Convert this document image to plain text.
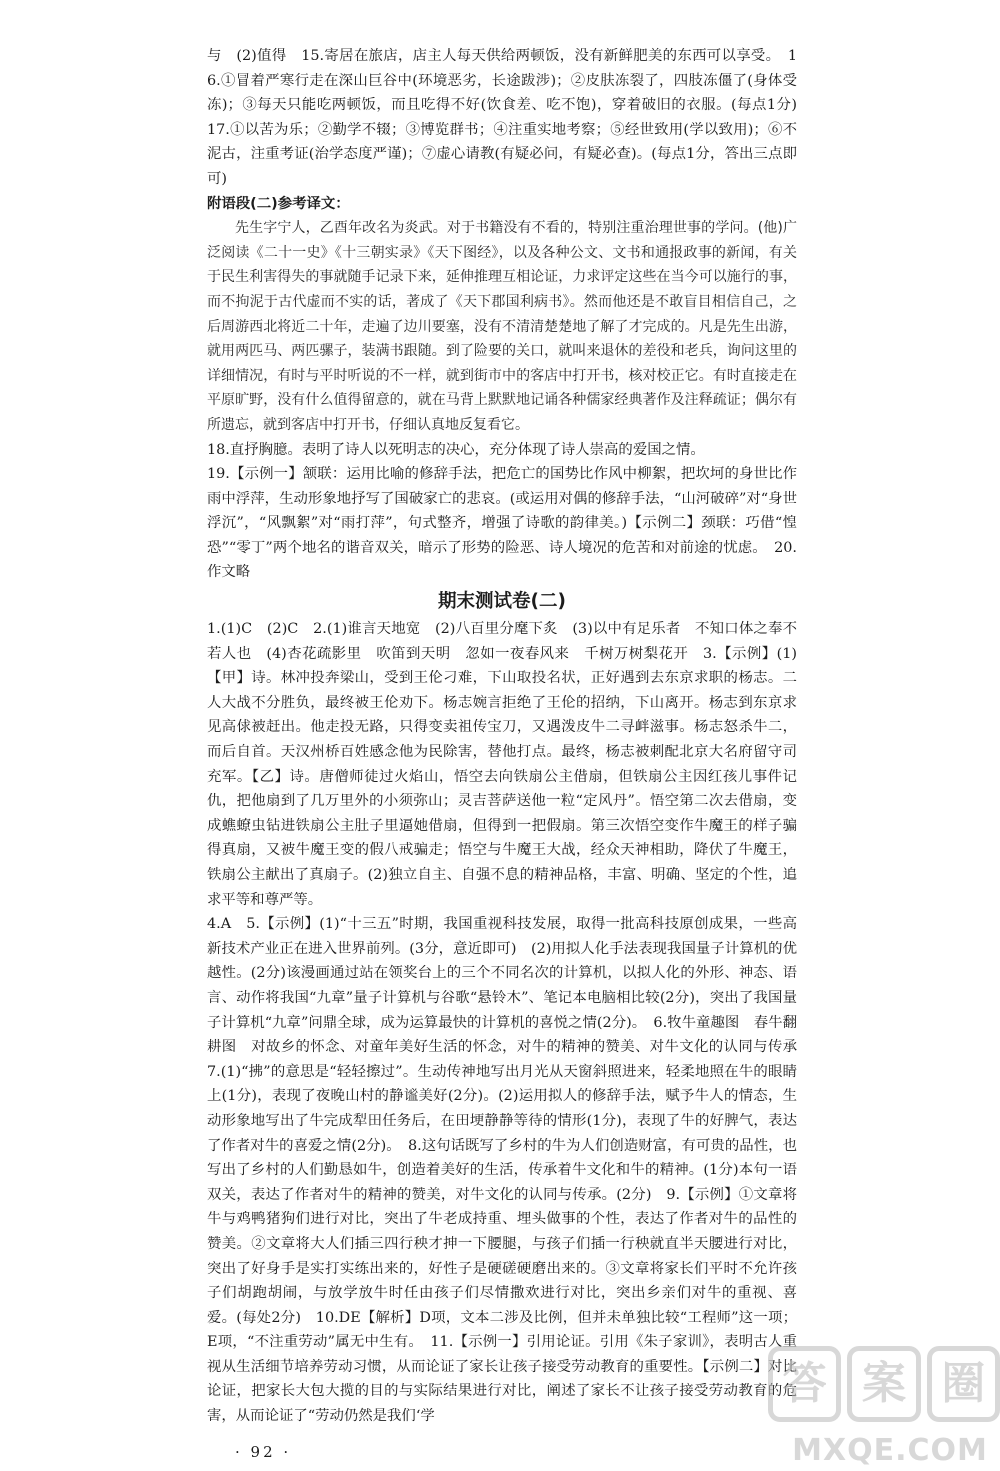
与　(2)值得　15.寄居在旅店，店主人每天供给两顿饭，没有新鲜肥美的东西可以享受。　16.①冒着严寒行走在深山巨谷中(环境恶劣，长途跋涉)；②皮肤冻裂了，四肢冻僵了(身体受冻)；③每天只能吃两顿饭，而且吃得不好(饮食差、吃不饱)，穿着破旧的衣服。(每点1分)　17.①以苦为乐；②勤学不辍；③博览群书；④注重实地考察；⑤经世致用(学以致用)；⑥不泥古，注重考证(治学态度严谨)；⑦虚心请教(有疑必问，有疑必查)。(每点1分，答出三点即可)

附语段(二)参考译文：

先生字宁人，乙酉年改名为炎武。对于书籍没有不看的，特别注重治理世事的学问。(他)广泛阅读《二十一史》《十三朝实录》《天下图经》，以及各种公文、文书和通报政事的新闻，有关于民生利害得失的事就随手记录下来，延伸推理互相论证，力求评定这些在当今可以施行的事，而不拘泥于古代虚而不实的话，著成了《天下郡国利病书》。然而他还是不敢盲目相信自己，之后周游西北将近二十年，走遍了边川要塞，没有不清清楚楚地了解了才完成的。凡是先生出游，就用两匹马、两匹骡子，装满书跟随。到了险要的关口，就叫来退休的差役和老兵，询问这里的详细情况，有时与平时听说的不一样，就到街市中的客店中打开书，核对校正它。有时直接走在平原旷野，没有什么值得留意的，就在马背上默默地记诵各种儒家经典著作及注释疏证；偶尔有所遗忘，就到客店中打开书，仔细认真地反复看它。

18.直抒胸臆。表明了诗人以死明志的决心，充分体现了诗人崇高的爱国之情。

19.【示例一】颔联：运用比喻的修辞手法，把危亡的国势比作风中柳絮，把坎坷的身世比作雨中浮萍，生动形象地抒写了国破家亡的悲哀。(或运用对偶的修辞手法，“山河破碎”对“身世浮沉”，“风飘絮”对“雨打萍”，句式整齐，增强了诗歌的韵律美。)【示例二】颈联：巧借“惶恐”“零丁”两个地名的谐音双关，暗示了形势的险恶、诗人境况的危苦和对前途的忧虑。　20.作文略

期末测试卷(二)

1.(1)C　(2)C　2.(1)谁言天地宽　(2)八百里分麾下炙　(3)以中有足乐者　不知口体之奉不若人也　(4)杏花疏影里　吹笛到天明　忽如一夜春风来　千树万树梨花开　3.【示例】(1)【甲】诗。林冲投奔梁山，受到王伦刁难，下山取投名状，正好遇到去东京求职的杨志。二人大战不分胜负，最终被王伦劝下。杨志婉言拒绝了王伦的招纳，下山离开。杨志到东京求见高俅被赶出。他走投无路，只得变卖祖传宝刀，又遇泼皮牛二寻衅滋事。杨志怒杀牛二，而后自首。天汉州桥百姓感念他为民除害，替他打点。最终，杨志被刺配北京大名府留守司充军。【乙】诗。唐僧师徒过火焰山，悟空去向铁扇公主借扇，但铁扇公主因红孩儿事件记仇，把他扇到了几万里外的小须弥山；灵吉菩萨送他一粒“定风丹”。悟空第二次去借扇，变成蟭蟟虫钻进铁扇公主肚子里逼她借扇，但得到一把假扇。第三次悟空变作牛魔王的样子骗得真扇，又被牛魔王变的假八戒骗走；悟空与牛魔王大战，经众天神相助，降伏了牛魔王，铁扇公主献出了真扇子。(2)独立自主、自强不息的精神品格，丰富、明确、坚定的个性，追求平等和尊严等。

4.A　5.【示例】(1)“十三五”时期，我国重视科技发展，取得一批高科技原创成果，一些高新技术产业正在进入世界前列。(3分，意近即可)　(2)用拟人化手法表现我国量子计算机的优越性。(2分)该漫画通过站在领奖台上的三个不同名次的计算机，以拟人化的外形、神态、语言、动作将我国“九章”量子计算机与谷歌“悬铃木”、笔记本电脑相比较(2分)，突出了我国量子计算机“九章”问鼎全球，成为运算最快的计算机的喜悦之情(2分)。　6.牧牛童趣图　春牛翻耕图　对故乡的怀念、对童年美好生活的怀念，对牛的精神的赞美、对牛文化的认同与传承　7.(1)“拂”的意思是“轻轻擦过”。生动传神地写出月光从天窗斜照进来，轻柔地照在牛的眼睛上(1分)，表现了夜晚山村的静谧美好(2分)。(2)运用拟人的修辞手法，赋予牛人的情态，生动形象地写出了牛完成犁田任务后，在田埂静静等待的情形(1分)，表现了牛的好脾气，表达了作者对牛的喜爱之情(2分)。　8.这句话既写了乡村的牛为人们创造财富，有可贵的品性，也写出了乡村的人们勤恳如牛，创造着美好的生活，传承着牛文化和牛的精神。(1分)本句一语双关，表达了作者对牛的精神的赞美，对牛文化的认同与传承。(2分)　9.【示例】①文章将牛与鸡鸭猪狗们进行对比，突出了牛老成持重、埋头做事的个性，表达了作者对牛的品性的赞美。②文章将大人们插三四行秧才抻一下腰腿，与孩子们插一行秧就直半天腰进行对比，突出了好身手是实打实练出来的，好性子是硬磋硬磨出来的。③文章将家长们平时不允许孩子们胡跑胡闹，与放学放牛时任由孩子们尽情撒欢进行对比，突出乡亲们对牛的重视、喜爱。(每处2分)　10.DE【解析】D项，文本二涉及比例，但并未单独比较“工程师”这一项；E项，“不注重劳动”属无中生有。　11.【示例一】引用论证。引用《朱子家训》，表明古人重视从生活细节培养劳动习惯，从而论证了家长让孩子接受劳动教育的重要性。【示例二】对比论证，把家长大包大揽的目的与实际结果进行对比，阐述了家长不让孩子接受劳动教育的危害，从而论证了“劳动仍然是我们‘学

· 92 ·
答 案 圈
MXQE.COM
